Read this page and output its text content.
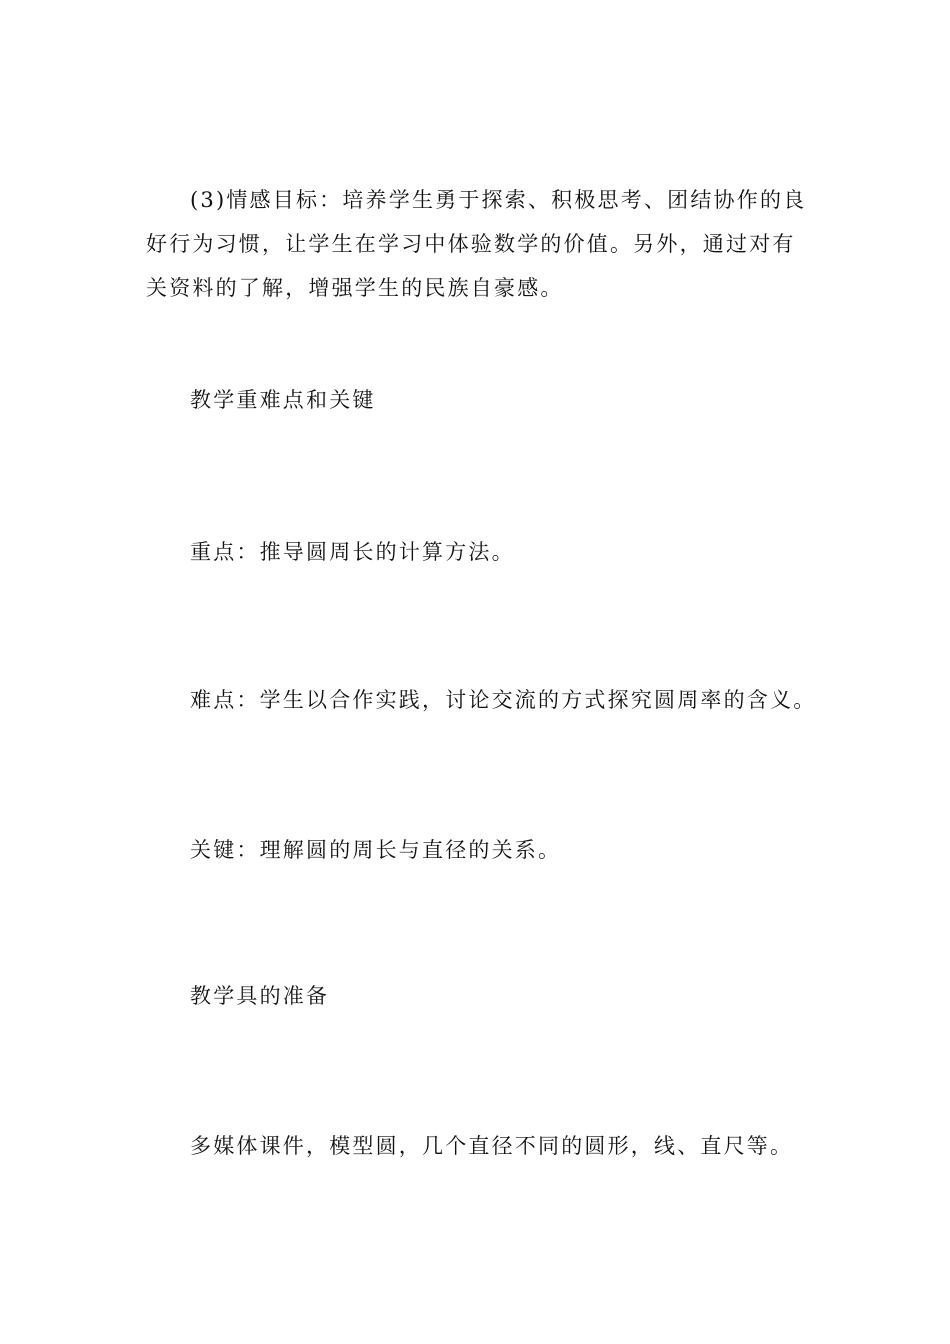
(3)情感目标：培养学生勇于探索、积极思考、团结协作的良好行为习惯，让学生在学习中体验数学的价值。另外，通过对有关资料的了解，增强学生的民族自豪感。

教学重难点和关键

重点：推导圆周长的计算方法。

难点：学生以合作实践，讨论交流的方式探究圆周率的含义。

关键：理解圆的周长与直径的关系。

教学具的准备

多媒体课件，模型圆，几个直径不同的圆形，线、直尺等。
